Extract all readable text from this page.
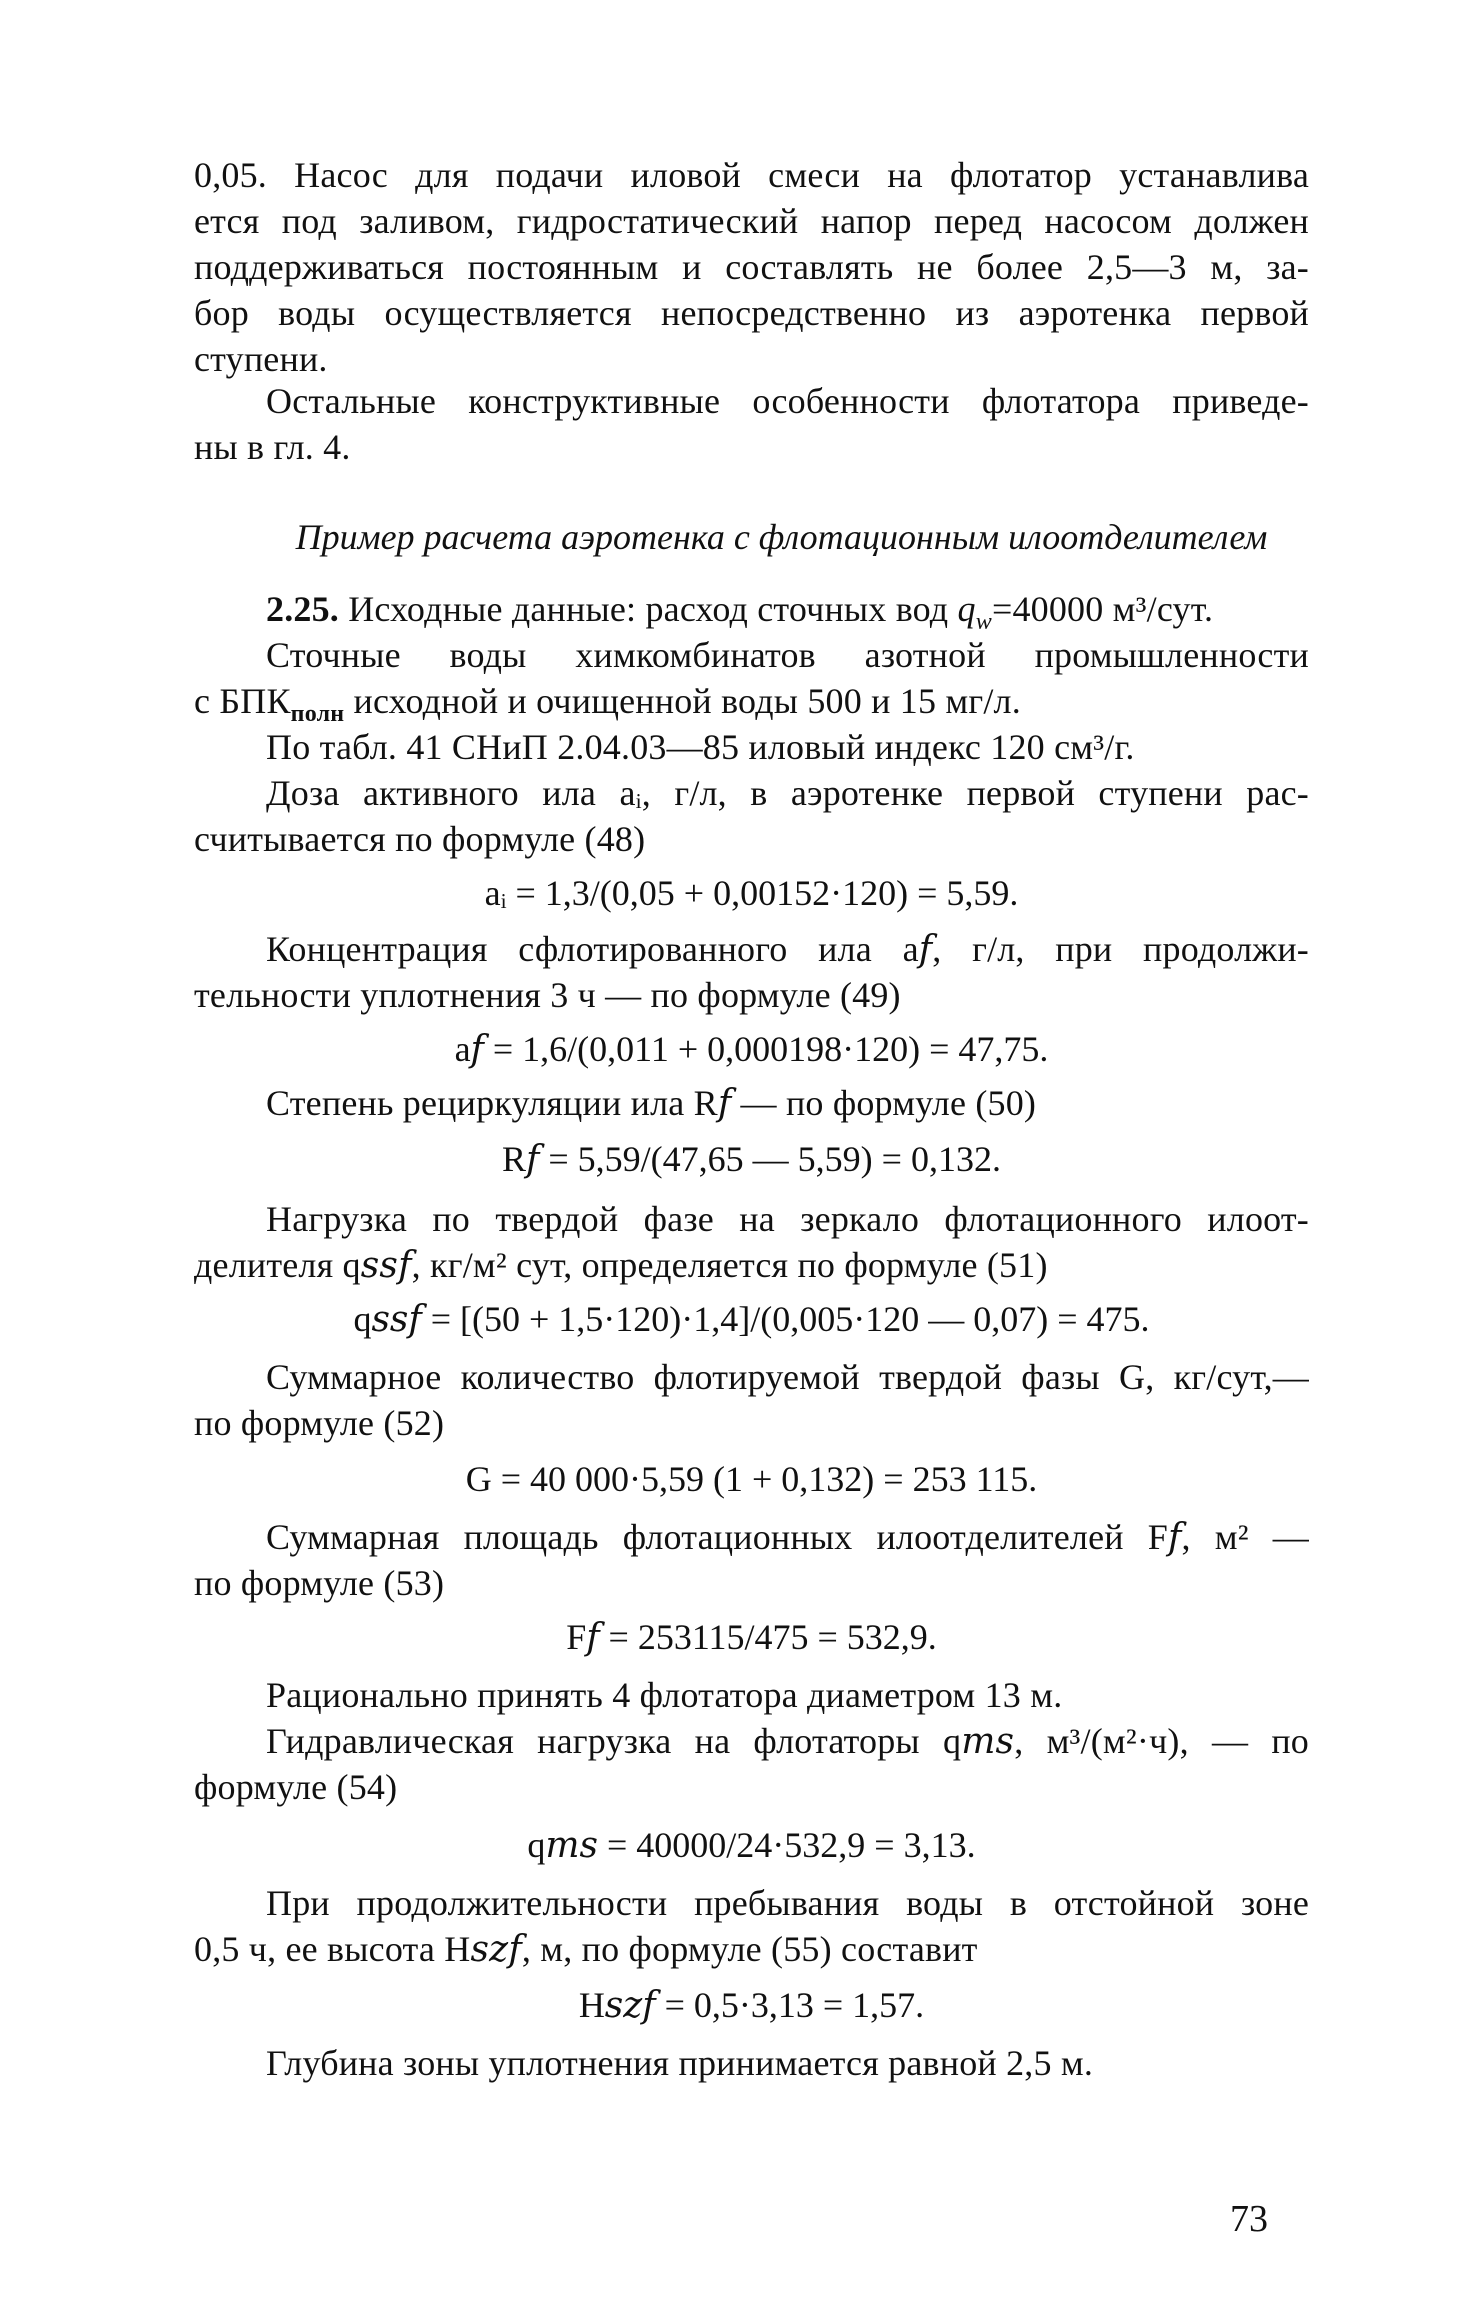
0,05. Насос для подачи иловой смеси на флотатор устанавлива
ется под заливом, гидростатический напор перед насосом должен
поддерживаться постоянным и составлять не более 2,5—3 м, за-
бор воды осуществляется непосредственно из аэротенка первой
ступени.
Остальные конструктивные особенности флотатора приведе-
ны в гл. 4.
Пример расчета аэротенка с флотационным илоотделителем
2.25. Исходные данные: расход сточных вод $q_w=40000$ м³/сут.
Сточные воды химкомбинатов азотной промышленности
с $БПК_{полн}$ исходной и очищенной воды 500 и 15 мг/л.
По табл. 41 СНиП 2.04.03—85 иловый индекс 120 см³/г.
Доза активного ила aᵢ, г/л, в аэротенке первой ступени рас-
считывается по формуле (48)
aᵢ = 1,3/(0,05 + 0,00152·120) = 5,59.
Концентрация сфлотированного ила a𝑓, г/л, при продолжи-
тельности уплотнения 3 ч — по формуле (49)
a𝑓 = 1,6/(0,011 + 0,000198·120) = 47,75.
Степень рециркуляции ила R𝑓 — по формуле (50)
R𝑓 = 5,59/(47,65 — 5,59) = 0,132.
Нагрузка по твердой фазе на зеркало флотационного илоот-
делителя q𝑠𝑠𝑓, кг/м² сут, определяется по формуле (51)
q𝑠𝑠𝑓 = [(50 + 1,5·120)·1,4]/(0,005·120 — 0,07) = 475.
Суммарное количество флотируемой твердой фазы G, кг/сут,—
по формуле (52)
G = 40 000·5,59 (1 + 0,132) = 253 115.
Суммарная площадь флотационных илоотделителей F𝑓, м² —
по формуле (53)
F𝑓 = 253115/475 = 532,9.
Рационально принять 4 флотатора диаметром 13 м.
Гидравлическая нагрузка на флотаторы q𝑚𝑠, м³/(м²·ч), — по
формуле (54)
q𝑚𝑠 = 40000/24·532,9 = 3,13.
При продолжительности пребывания воды в отстойной зоне
0,5 ч, ее высота H𝑠𝑧𝑓, м, по формуле (55) составит
H𝑠𝑧𝑓 = 0,5·3,13 = 1,57.
Глубина зоны уплотнения принимается равной 2,5 м.
73
